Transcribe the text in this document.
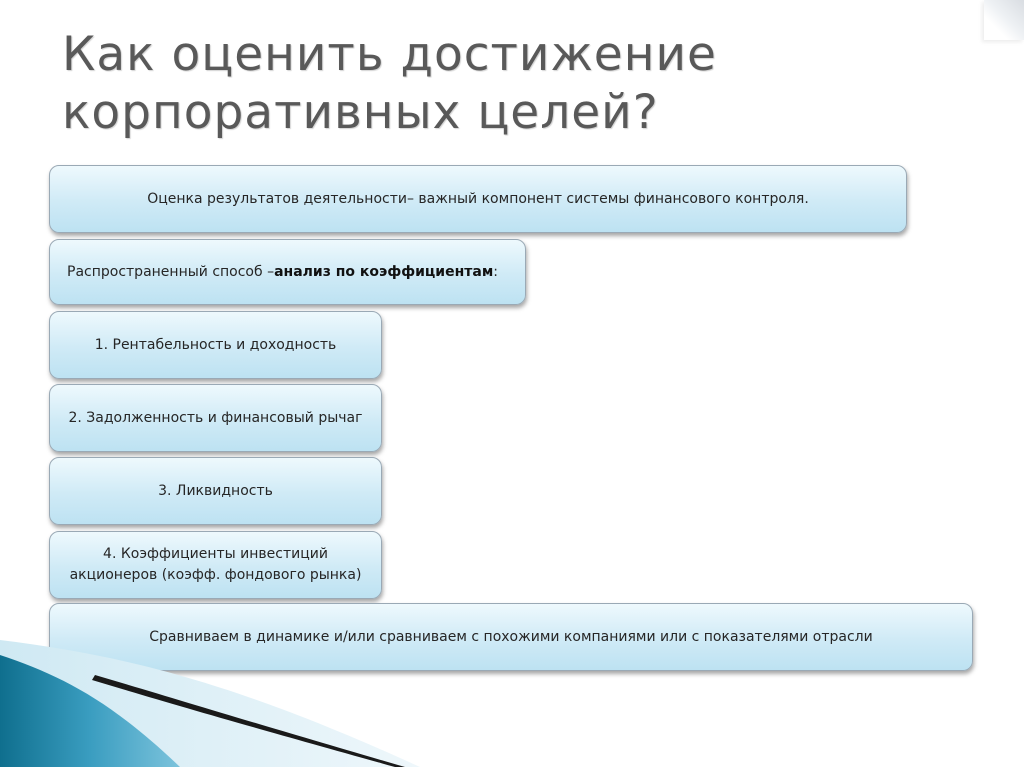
Как оценить достижение
корпоративных целей?
Оценка результатов деятельности– важный компонент системы финансового контроля.
Распространенный способ –анализ по коэффициентам:
1. Рентабельность и доходность
2. Задолженность и финансовый рычаг
3. Ликвидность
4. Коэффициенты инвестиций
акционеров (коэфф. фондового рынка)
Сравниваем в динамике и/или сравниваем с похожими компаниями или с показателями отрасли
